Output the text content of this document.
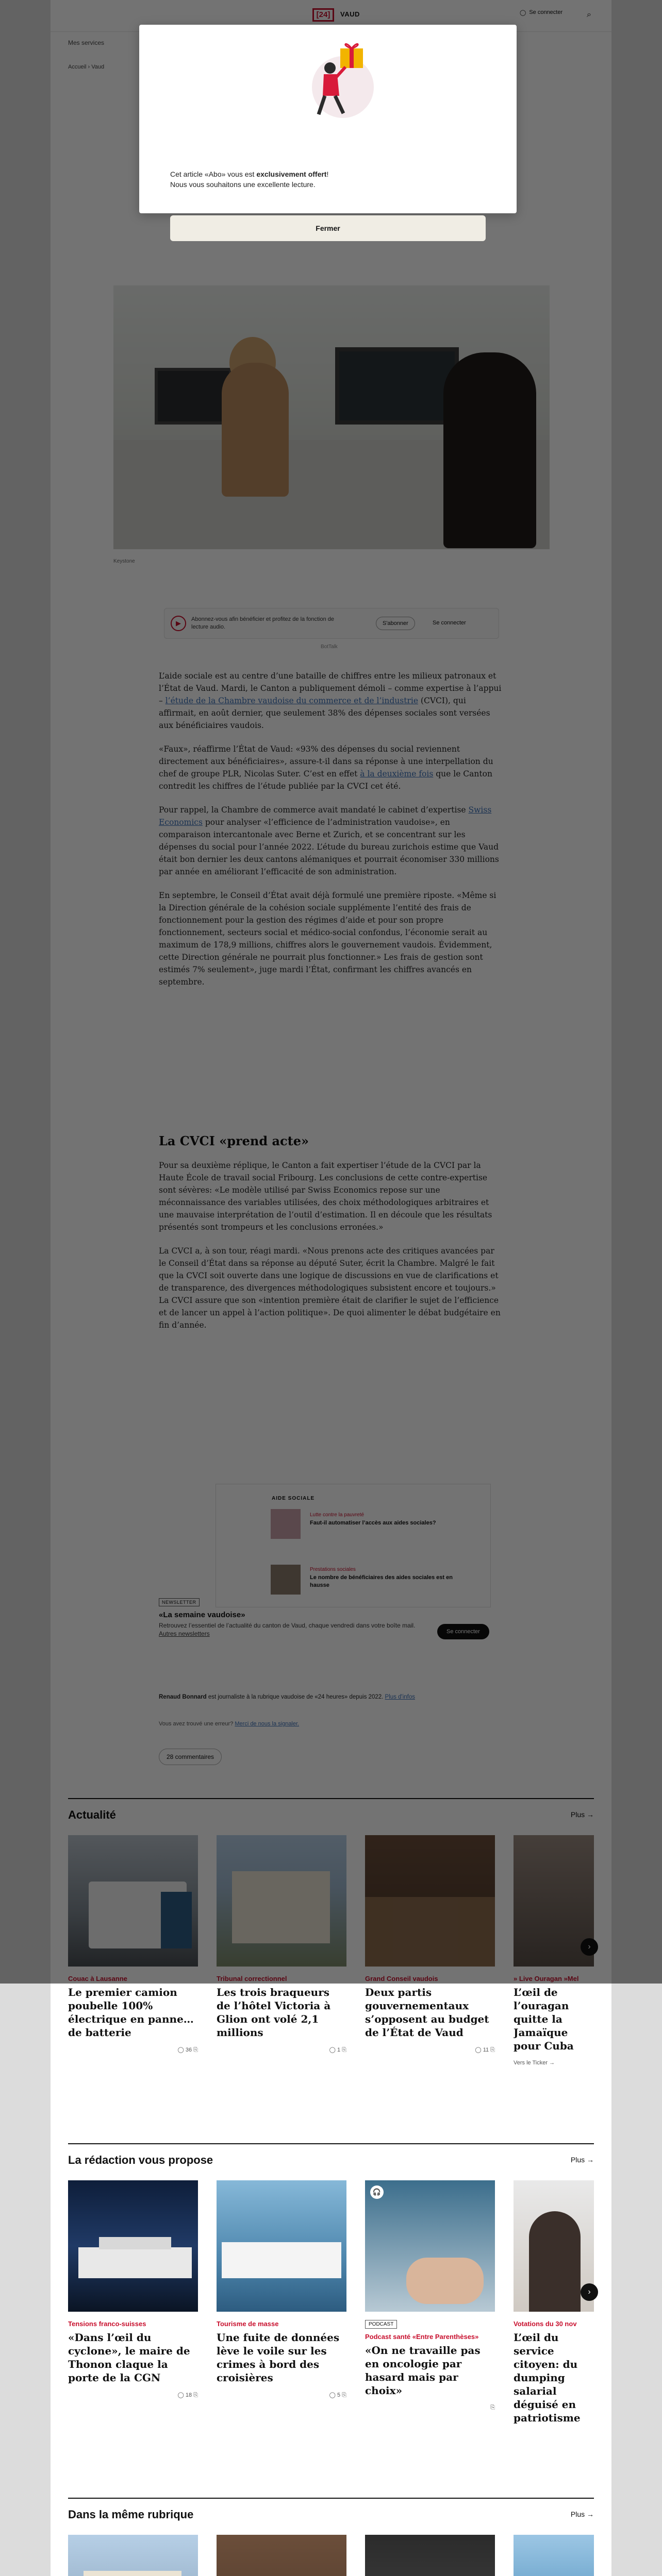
Le premier camion poubelle 100% électrique en panne… de batterie
◯ 36 ⎘
Les trois braqueurs de l’hôtel Victoria à Glion ont volé 2,1 millions
◯ 1 ⎘
Deux partis gouvernementaux s’opposent au budget de l’État de Vaud
◯ 11 ⎘
L’œil de l’ouragan quitte la Jamaïque pour Cuba
Vers le Ticker →
La rédaction vous propose	Plus →
Tensions franco-suisses
«Dans l’œil du cyclone», le maire de Thonon claque la porte de la CGN
◯ 18 ⎘
Tourisme de masse
Une fuite de données lève le voile sur les crimes à bord des croisières
◯ 5 ⎘
🎧
PODCAST
Podcast santé «Entre Parenthèses»
«On ne travaille pas en oncologie par hasard mais par choix»
⎘
Votations du 30 nov
L’œil du service citoyen: du dumping salarial déguisé en patriotisme
›
Dans la même rubrique	Plus →
Cet article «Abo» vous est exclusivement offert!
Nous vous souhaitons une excellente lecture.
Fermer
